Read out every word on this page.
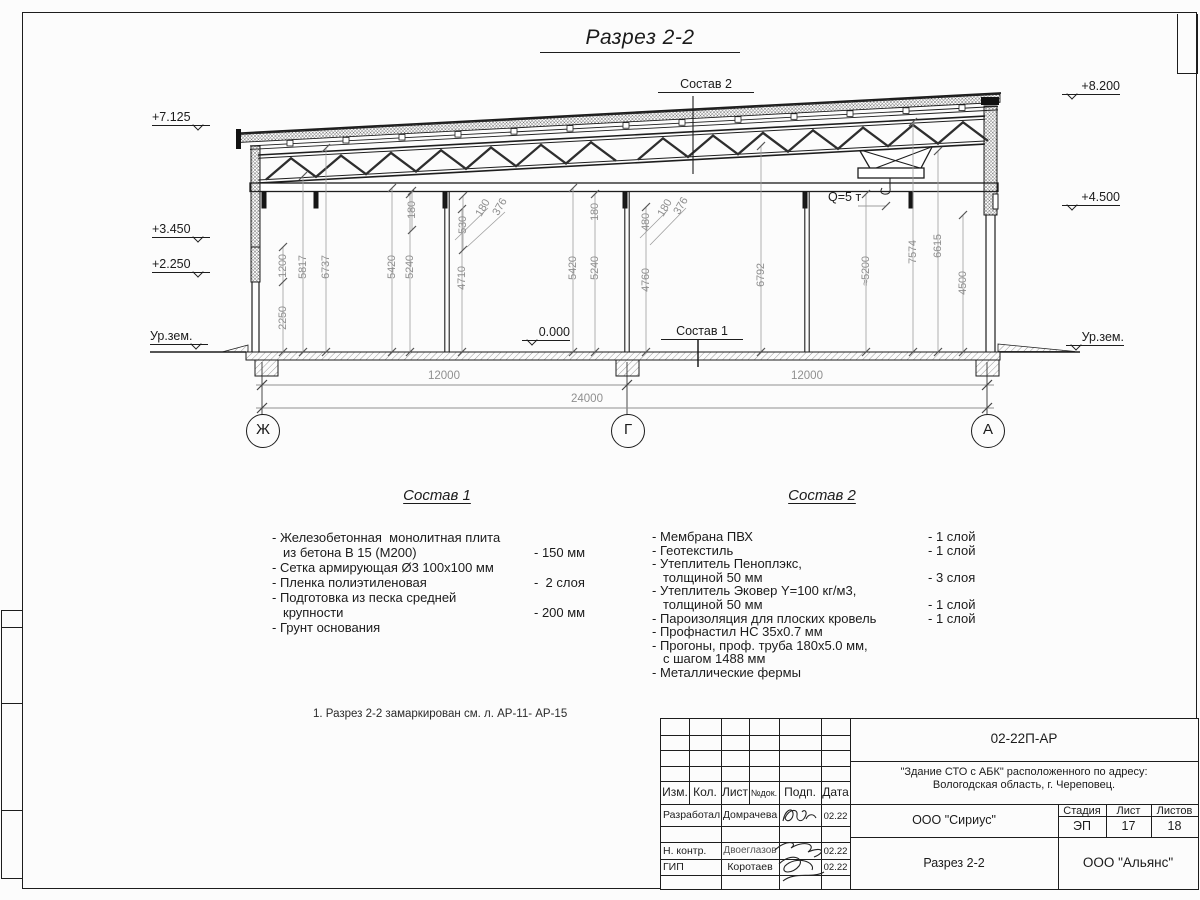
Разрез 2-2
1200
2250
5817 6737	5420 5240
180
530
180
376
4710	5420 5240
180
480
180
376
4760	6792	≈5200
7574 6615
4500
12000	12000
24000
+7.125
+3.450
+2.250
Ур.зем.	0.000
+8.200
+4.500
Ур.зем.
Состав 2
Состав 1
Q=5 т
Ж	Г	А
Состав 1
- Железобетонная  монолитная плита
из бетона В 15 (М200)	- 150 мм
- Сетка армирующая Ø3 100x100 мм
- Пленка полиэтиленовая	-  2 слоя
- Подготовка из песка средней
крупности	- 200 мм
- Грунт основания
Состав 2
- Мембрана ПВХ	- 1 слой
- Геотекстиль	- 1 слой
- Утеплитель Пеноплэкс,
толщиной 50 мм	- 3 слоя
- Утеплитель Эковер Y=100 кг/м3,
толщиной 50 мм	- 1 слой
- Пароизоляция для плоских кровель	- 1 слой
- Профнастил НС 35x0.7 мм
- Прогоны, проф. труба 180x5.0 мм,
с шагом 1488 мм
- Металлические фермы
1. Разрез 2-2 замаркирован см. л. АР-11- АР-15
02-22П-АР
"Здание СТО с АБК" расположенного по адресу:
Вологодская область, г. Череповец.
Изм. Кол. Лист №док. Подп. Дата
Разработал Домрачева	02.22
Н. контр.	Двоеглазов	02.22
ГИП	Коротаев	02.22
ООО "Сириус"
Разрез 2-2	ООО "Альянс"
Стадия	Лист	Листов
ЭП	17	18
